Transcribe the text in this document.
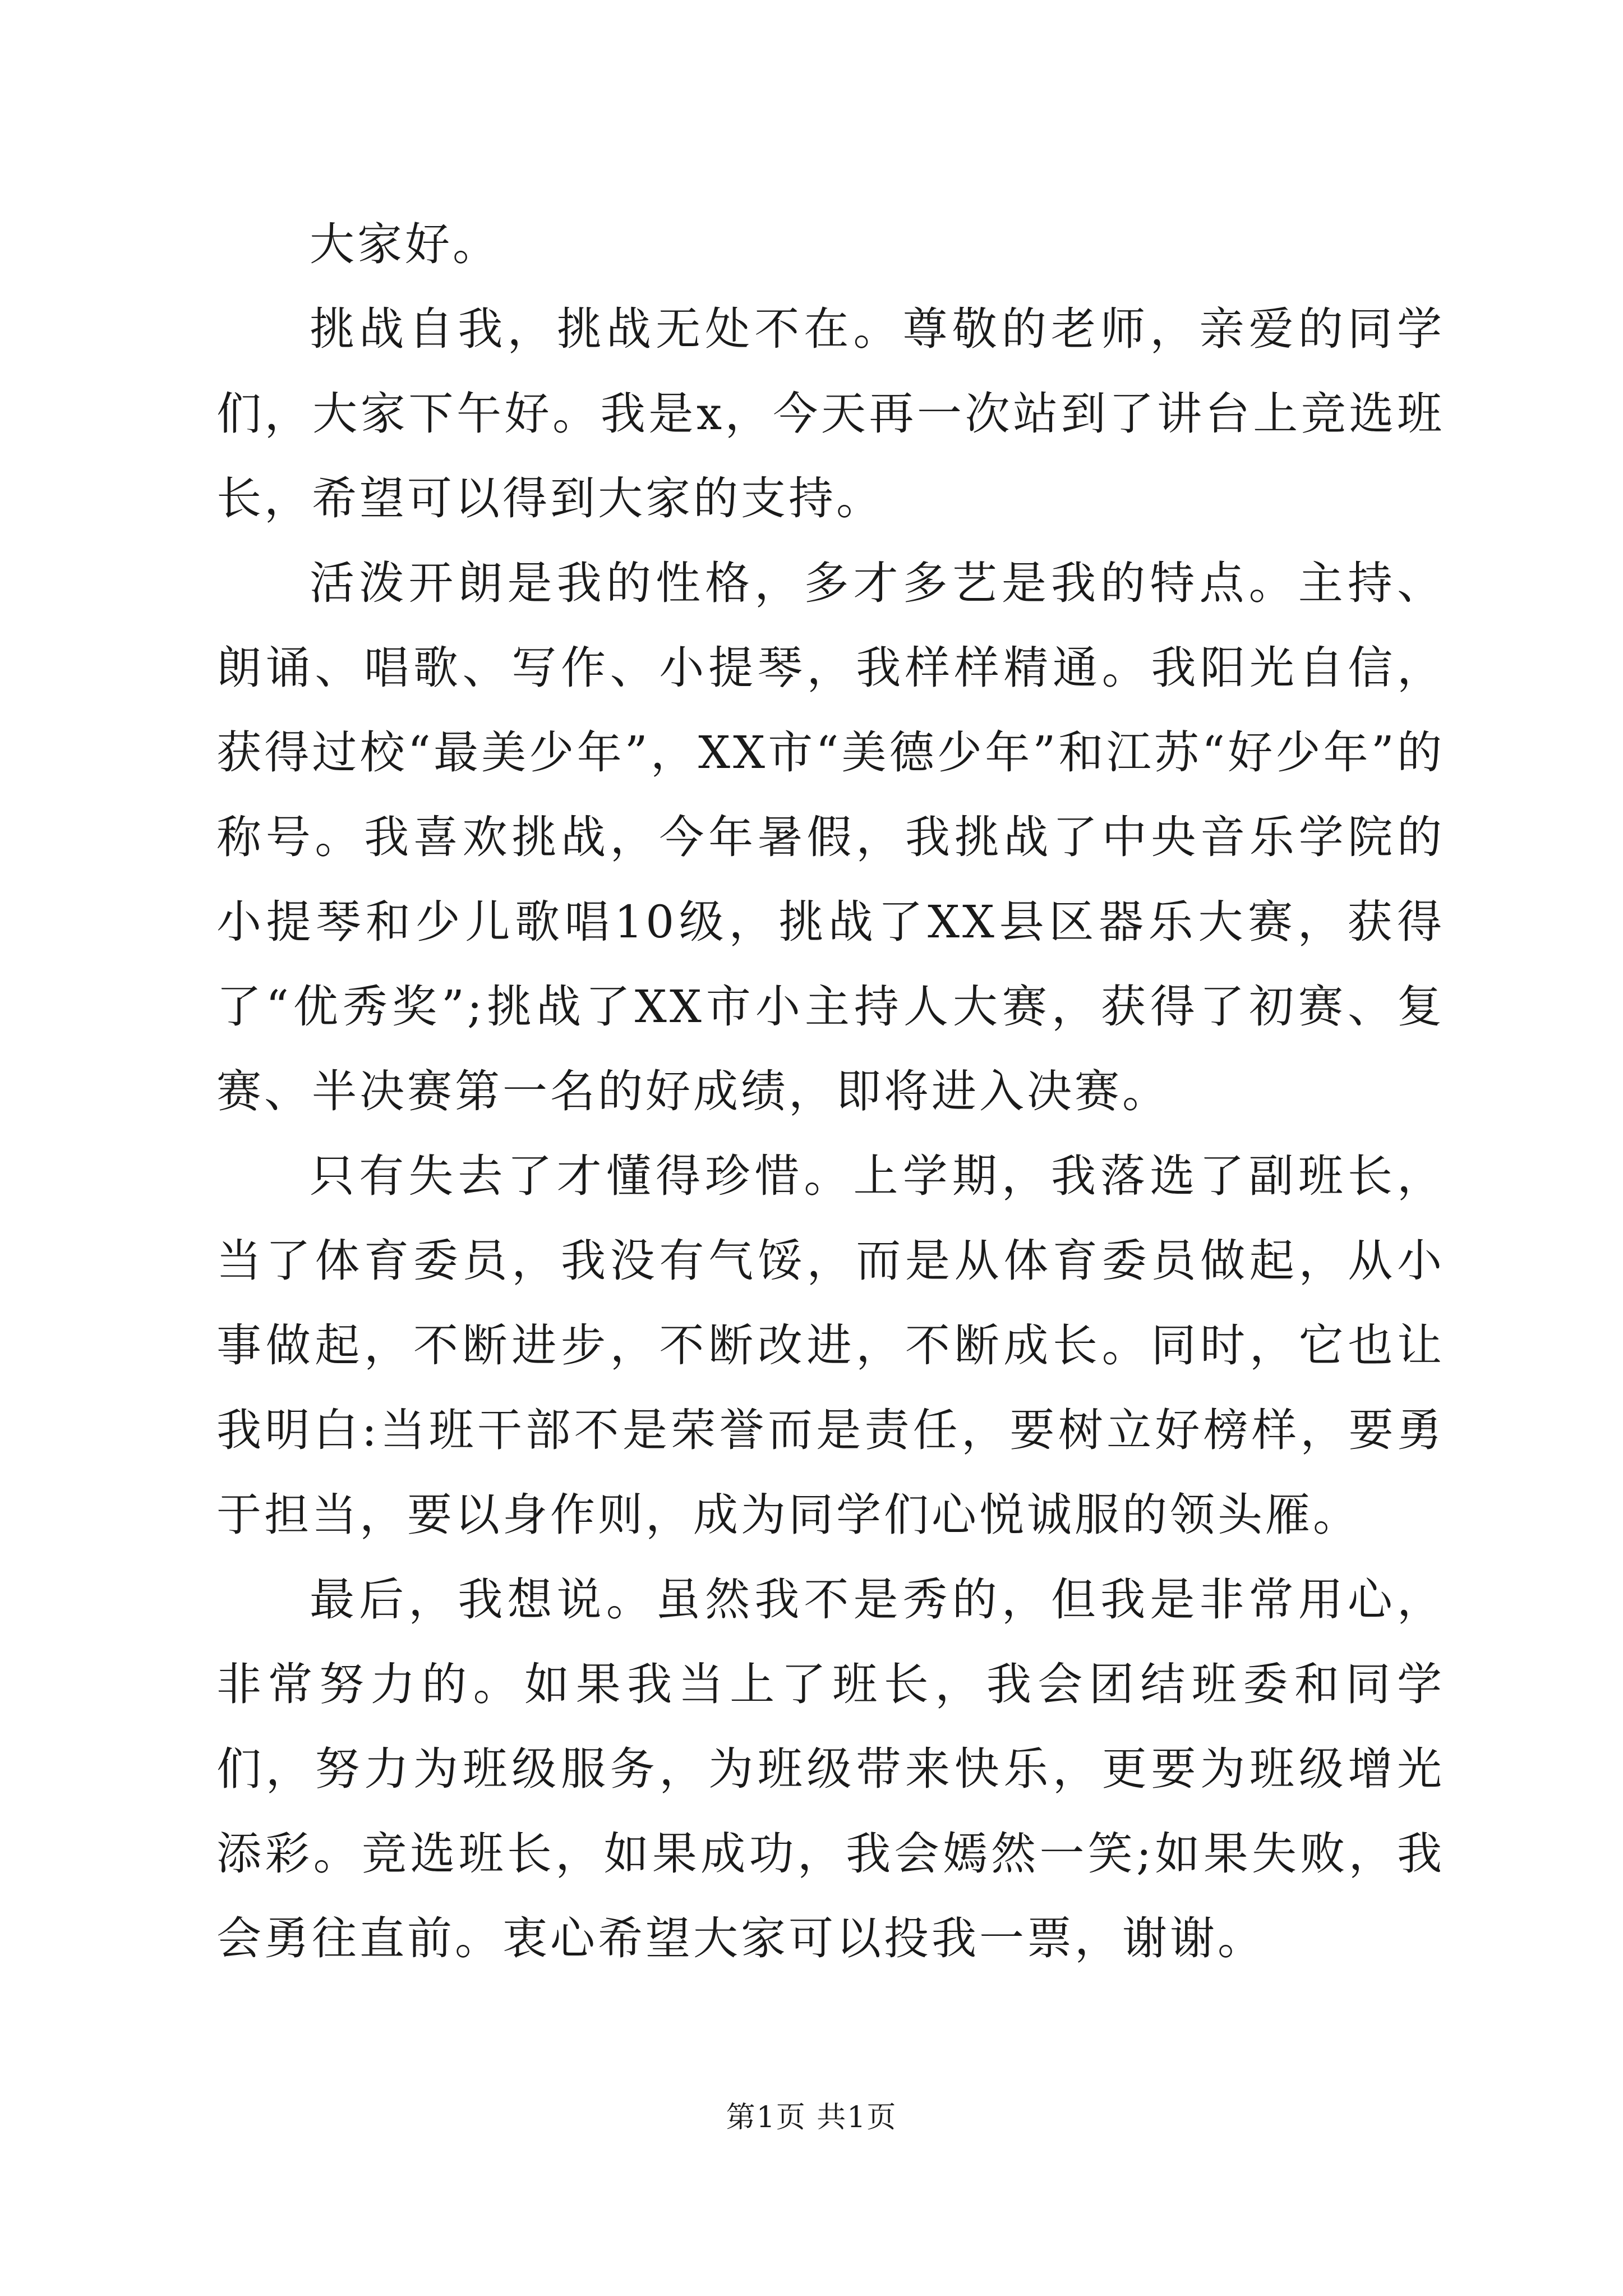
大家好。

挑战自我，挑战无处不在。尊敬的老师，亲爱的同学们，大家下午好。我是x，今天再一次站到了讲台上竞选班长，希望可以得到大家的支持。

活泼开朗是我的性格，多才多艺是我的特点。主持、朗诵、唱歌、写作、小提琴，我样样精通。我阳光自信，获得过校“最美少年”，XX市“美德少年”和江苏“好少年”的称号。我喜欢挑战，今年暑假，我挑战了中央音乐学院的小提琴和少儿歌唱10级，挑战了XX县区器乐大赛，获得了“优秀奖”;挑战了XX市小主持人大赛，获得了初赛、复赛、半决赛第一名的好成绩，即将进入决赛。

只有失去了才懂得珍惜。上学期，我落选了副班长，当了体育委员，我没有气馁，而是从体育委员做起，从小事做起，不断进步，不断改进，不断成长。同时，它也让我明白:当班干部不是荣誉而是责任，要树立好榜样，要勇于担当，要以身作则，成为同学们心悦诚服的领头雁。

最后，我想说。虽然我不是秀的，但我是非常用心，非常努力的。如果我当上了班长，我会团结班委和同学们，努力为班级服务，为班级带来快乐，更要为班级增光添彩。竞选班长，如果成功，我会嫣然一笑;如果失败，我会勇往直前。衷心希望大家可以投我一票，谢谢。

第1页 共1页
